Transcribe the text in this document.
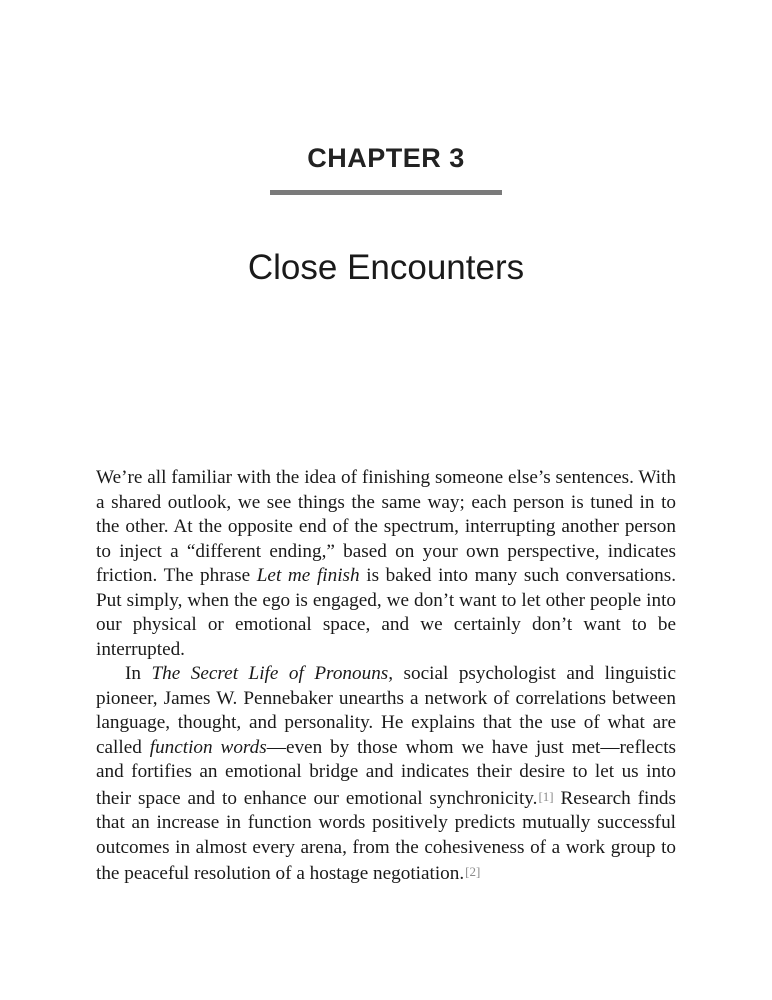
CHAPTER 3
Close Encounters

We’re all familiar with the idea of finishing someone else’s sentences. With a shared outlook, we see things the same way; each person is tuned in to the other. At the opposite end of the spectrum, interrupting another person to inject a “different ending,” based on your own perspective, indicates friction. The phrase Let me finish is baked into many such conversations. Put simply, when the ego is engaged, we don’t want to let other people into our physical or emotional space, and we certainly don’t want to be interrupted.

In The Secret Life of Pronouns, social psychologist and linguistic pioneer, James W. Pennebaker unearths a network of correlations between language, thought, and personality. He explains that the use of what are called function words—even by those whom we have just met—reflects and fortifies an emotional bridge and indicates their desire to let us into their space and to enhance our emotional synchronicity.[1] Research finds that an increase in function words positively predicts mutually successful outcomes in almost every arena, from the cohesiveness of a work group to the peaceful resolution of a hostage negotiation.[2]
